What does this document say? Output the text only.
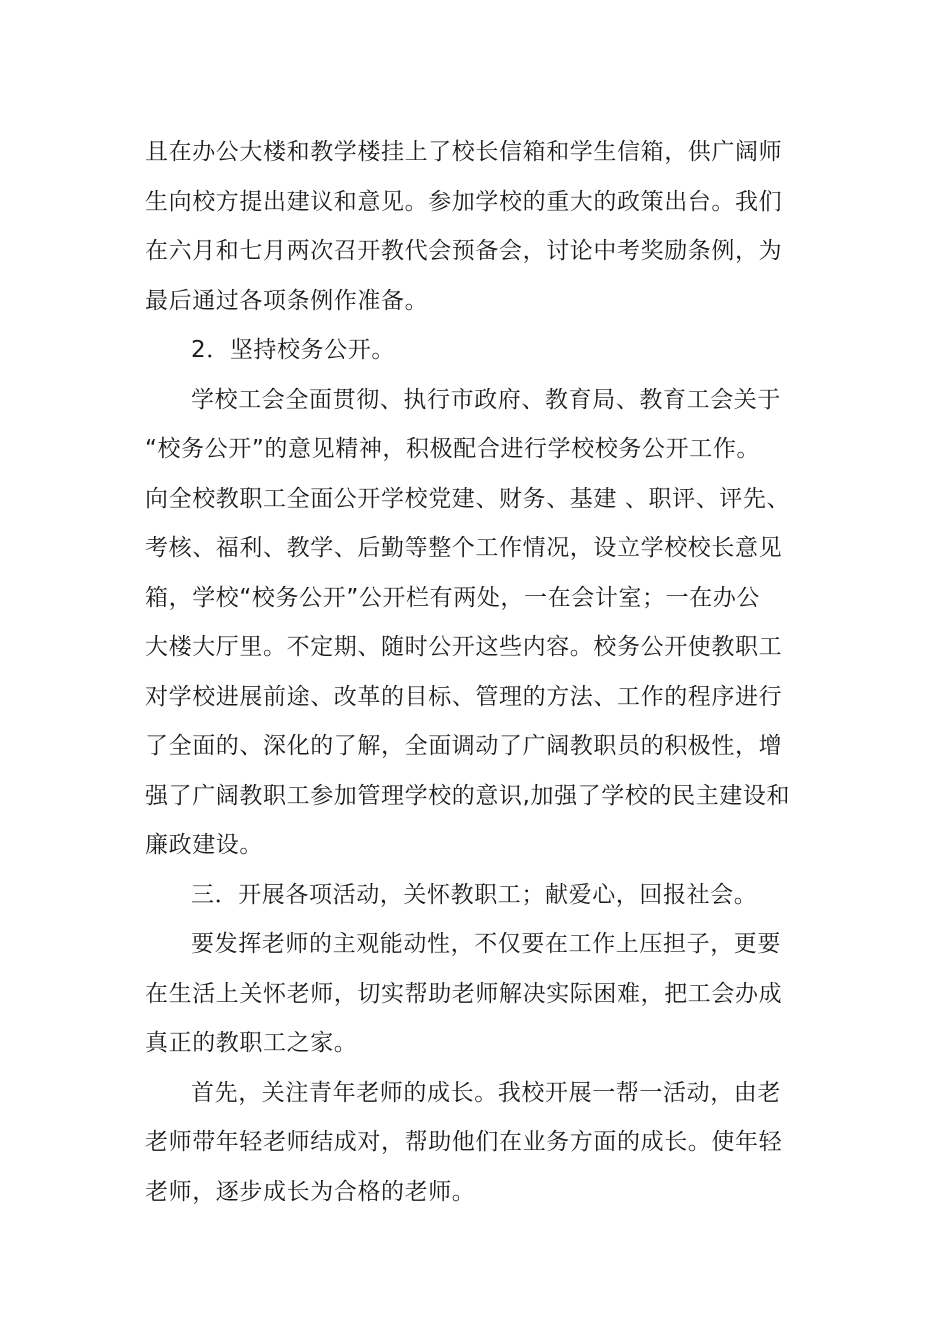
且在办公大楼和教学楼挂上了校长信箱和学生信箱，供广阔师
生向校方提出建议和意见。参加学校的重大的政策出台。我们
在六月和七月两次召开教代会预备会，讨论中考奖励条例，为
最后通过各项条例作准备。
2．坚持校务公开。
学校工会全面贯彻、执行市政府、教育局、教育工会关于
“校务公开”的意见精神，积极配合进行学校校务公开工作。
向全校教职工全面公开学校党建、财务、基建 、职评、评先、
考核、福利、教学、后勤等整个工作情况，设立学校校长意见
箱，学校“校务公开”公开栏有两处，一在会计室；一在办公
大楼大厅里。不定期、随时公开这些内容。校务公开使教职工
对学校进展前途、改革的目标、管理的方法、工作的程序进行
了全面的、深化的了解，全面调动了广阔教职员的积极性，增
强了广阔教职工参加管理学校的意识,加强了学校的民主建设和
廉政建设。
三．开展各项活动，关怀教职工；献爱心，回报社会。
要发挥老师的主观能动性，不仅要在工作上压担子，更要
在生活上关怀老师，切实帮助老师解决实际困难，把工会办成
真正的教职工之家。
首先，关注青年老师的成长。我校开展一帮一活动，由老
老师带年轻老师结成对，帮助他们在业务方面的成长。使年轻
老师，逐步成长为合格的老师。
